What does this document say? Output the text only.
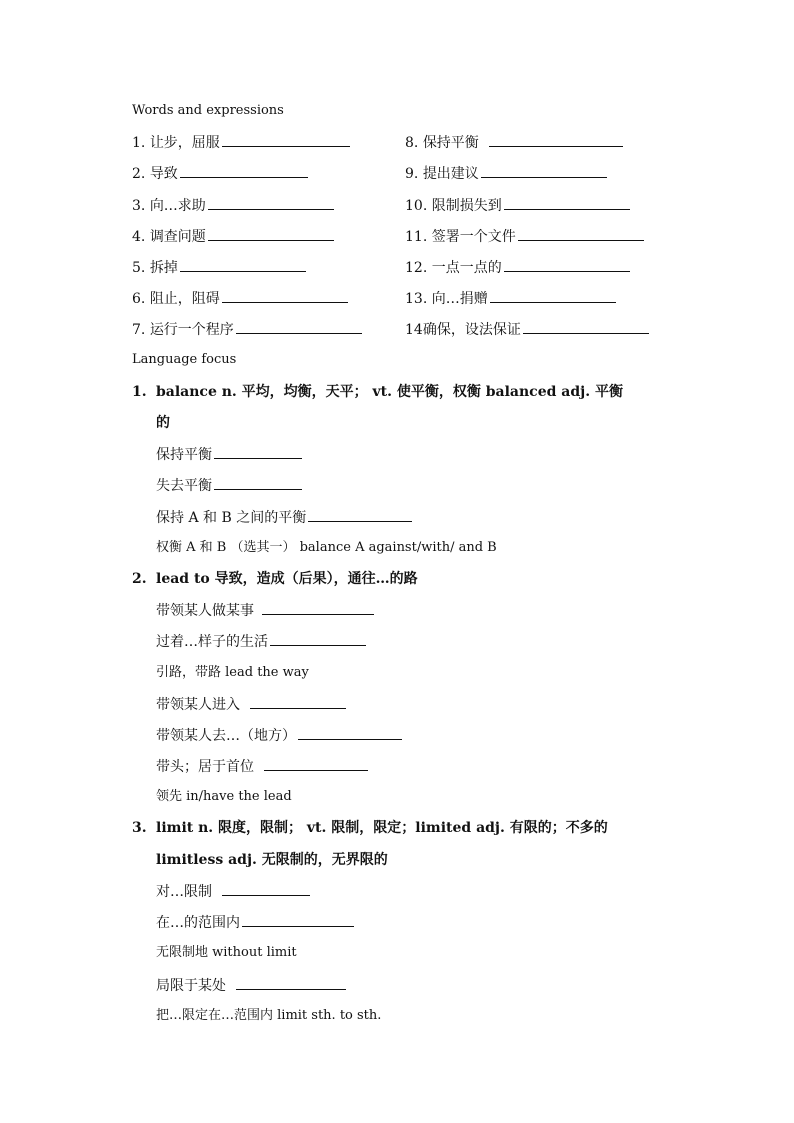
Words and expressions
1. 让步，屈服
2. 导致
3. 向…求助
4. 调查问题
5. 拆掉
6. 阻止，阻碍
7. 运行一个程序
8. 保持平衡
9. 提出建议
10. 限制损失到
11. 签署一个文件
12. 一点一点的
13. 向…捐赠
14确保，设法保证
Language focus
1. balance n. 平均，均衡，天平； vt. 使平衡，权衡 balanced adj. 平衡
的
保持平衡
失去平衡
保持 A 和 B 之间的平衡
权衡 A 和 B （选其一） balance A against/with/ and B
2. lead to 导致，造成（后果），通往…的路
带领某人做某事
过着…样子的生活
引路，带路 lead the way
带领某人进入
带领某人去…（地方）
带头；居于首位
领先 in/have the lead
3. limit n. 限度，限制； vt. 限制，限定；limited adj. 有限的；不多的
limitless adj. 无限制的，无界限的
对…限制
在…的范围内
无限制地 without limit
局限于某处
把…限定在…范围内 limit sth. to sth.
